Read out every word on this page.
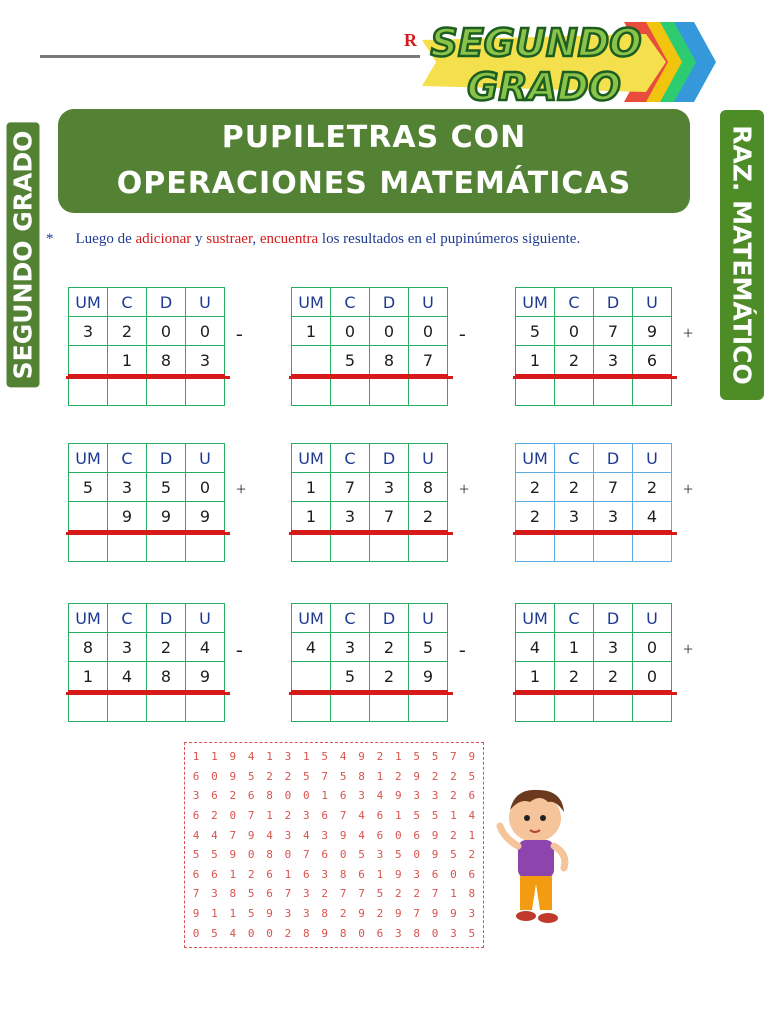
R SEGUNDO
GRADO
PUPILETRAS CON
OPERACIONES MATEMÁTICAS
SEGUNDO GRADO	RAZ. MATEMÁTICO
* Luego de adicionar y sustraer, encuentra los resultados en el pupinúmeros siguiente.
UM	C	D	U
3	2	0	0
	1	8	3

-
UM	C	D	U
1	0	0	0
	5	8	7

-
UM	C	D	U
5	0	7	9
1	2	3	6

+
UM	C	D	U
5	3	5	0
	9	9	9

+
UM	C	D	U
1	7	3	8
1	3	7	2

+
UM	C	D	U
2	2	7	2
2	3	3	4

+
UM	C	D	U
8	3	2	4
1	4	8	9

-
UM	C	D	U
4	3	2	5
	5	2	9

-
UM	C	D	U
4	1	3	0
1	2	2	0

+
1	1	9	4	1	3	1	5	4	9	2	1	5	5	7	9
6	0	9	5	2	2	5	7	5	8	1	2	9	2	2	5
3	6	2	6	8	0	0	1	6	3	4	9	3	3	2	6
6	2	0	7	1	2	3	6	7	4	6	1	5	5	1	4
4	4	7	9	4	3	4	3	9	4	6	0	6	9	2	1
5	5	9	0	8	0	7	6	0	5	3	5	0	9	5	2
6	6	1	2	6	1	6	3	8	6	1	9	3	6	0	6
7	3	8	5	6	7	3	2	7	7	5	2	2	7	1	8
9	1	1	5	9	3	3	8	2	9	2	9	7	9	9	3
0	5	4	0	0	2	8	9	8	0	6	3	8	0	3	5
